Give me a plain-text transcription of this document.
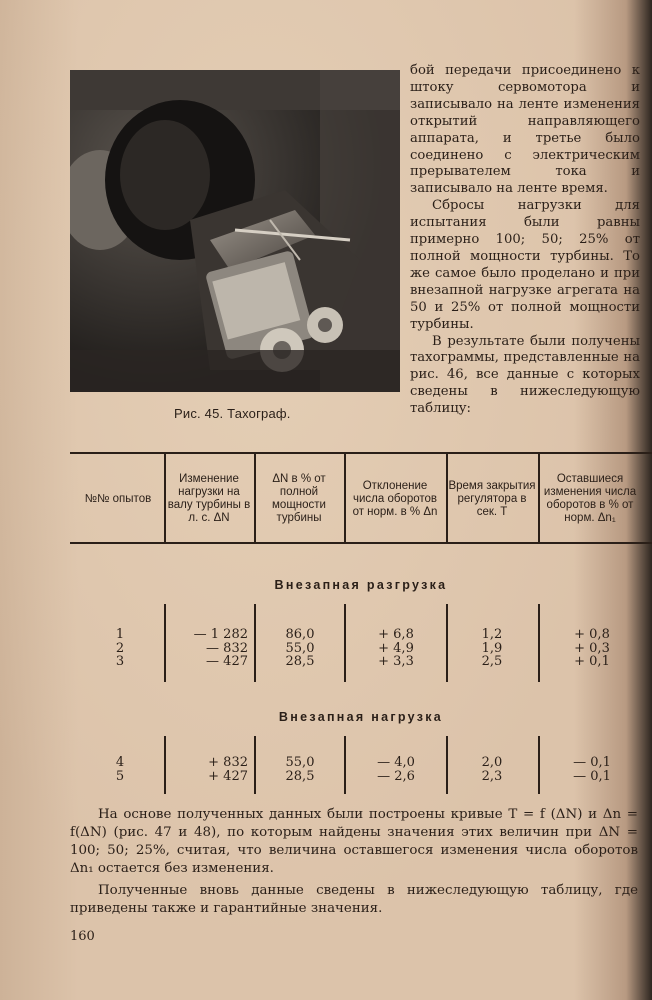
Рис. 45. Тахограф.

бой передачи присоединено к штоку сервомотора и записывало на ленте изменения открытий направляющего аппарата, и третье было соединено с электрическим прерывателем тока и записывало на ленте время.

Сбросы нагрузки для испытания были равны примерно 100; 50; 25% от полной мощности турбины. То же самое было проделано и при внезапной нагрузке агрегата на 50 и 25% от полной мощности турбины.

В результате были получены тахограммы, представленные на рис. 46, все данные с которых сведены в нижеследующую таблицу:

№№ опытов
Изменение нагрузки на валу турбины в л. с. ΔN
ΔN в % от полной мощности турбины
Отклонение числа оборотов от норм. в % Δn
Время закрытия регулятора в сек. T
Оставшиеся изменения числа оборотов в % от норм. Δn₁
Внезапная разгрузка
1
2
3
— 1 282
— 832
— 427
86,0
55,0
28,5
+ 6,8
+ 4,9
+ 3,3
1,2
1,9
2,5
+ 0,8
+ 0,3
+ 0,1
Внезапная нагрузка
4
5
+ 832
+ 427
55,0
28,5
— 4,0
— 2,6
2,0
2,3
— 0,1
— 0,1

На основе полученных данных были построены кривые T = f (ΔN) и Δn = f(ΔN) (рис. 47 и 48), по которым найдены значения этих величин при ΔN = 100; 50; 25%, считая, что величина оставшегося изменения числа оборотов Δn₁ остается без изменения.

Полученные вновь данные сведены в нижеследующую таблицу, где приведены также и гарантийные значения.

160
